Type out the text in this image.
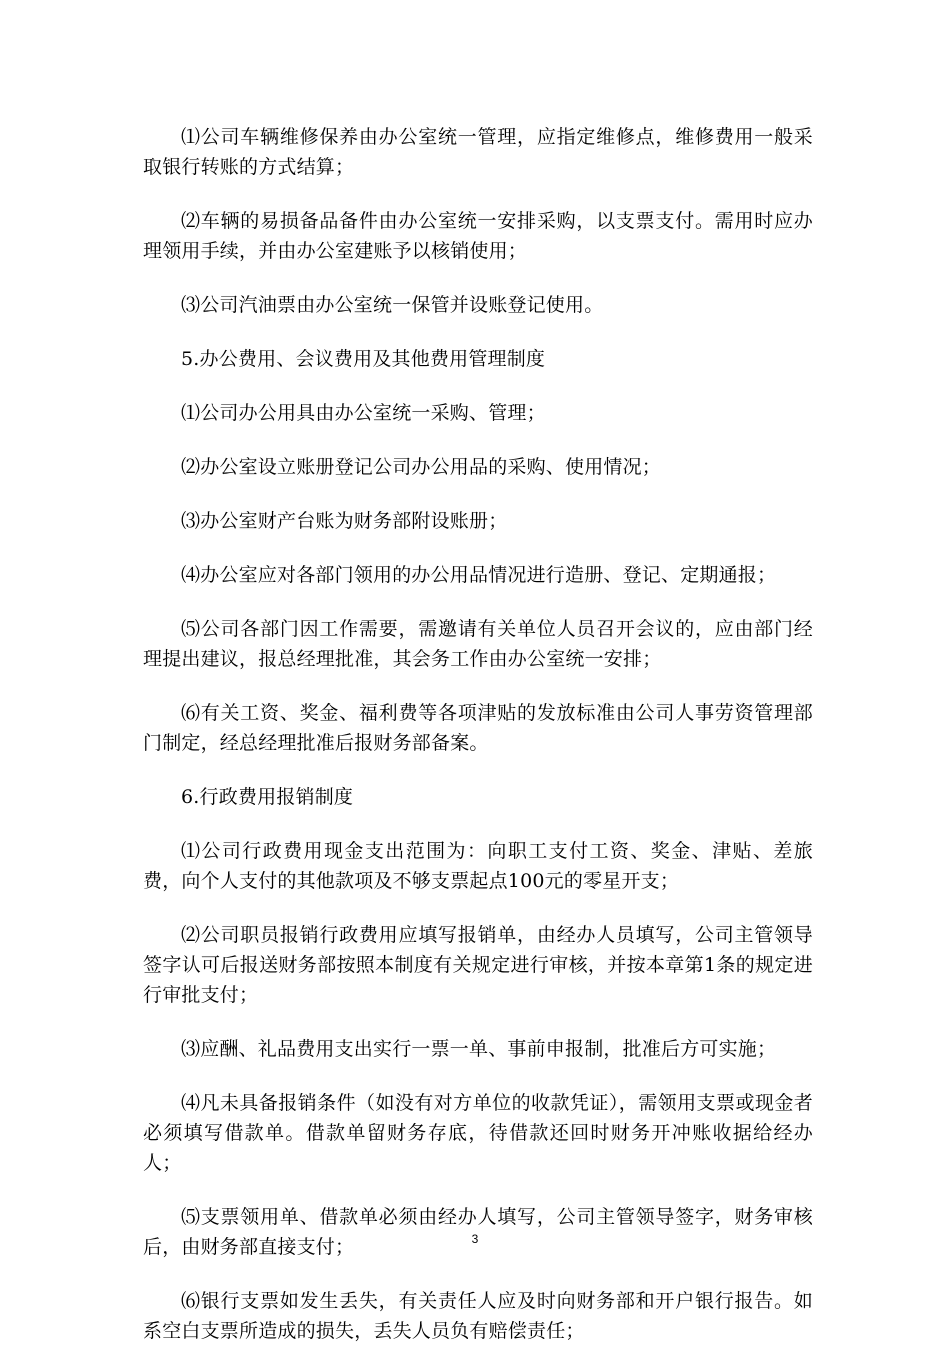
⑴公司车辆维修保养由办公室统一管理，应指定维修点，维修费用一般采取银行转账的方式结算；

⑵车辆的易损备品备件由办公室统一安排采购，以支票支付。需用时应办理领用手续，并由办公室建账予以核销使用；

⑶公司汽油票由办公室统一保管并设账登记使用。

5.办公费用、会议费用及其他费用管理制度

⑴公司办公用具由办公室统一采购、管理；

⑵办公室设立账册登记公司办公用品的采购、使用情况；

⑶办公室财产台账为财务部附设账册；

⑷办公室应对各部门领用的办公用品情况进行造册、登记、定期通报；

⑸公司各部门因工作需要，需邀请有关单位人员召开会议的，应由部门经理提出建议，报总经理批准，其会务工作由办公室统一安排；

⑹有关工资、奖金、福利费等各项津贴的发放标准由公司人事劳资管理部门制定，经总经理批准后报财务部备案。

6.行政费用报销制度

⑴公司行政费用现金支出范围为：向职工支付工资、奖金、津贴、差旅费，向个人支付的其他款项及不够支票起点100元的零星开支；

⑵公司职员报销行政费用应填写报销单，由经办人员填写，公司主管领导签字认可后报送财务部按照本制度有关规定进行审核，并按本章第1条的规定进行审批支付；

⑶应酬、礼品费用支出实行一票一单、事前申报制，批准后方可实施；

⑷凡未具备报销条件（如没有对方单位的收款凭证），需领用支票或现金者必须填写借款单。借款单留财务存底，待借款还回时财务开冲账收据给经办人；

⑸支票领用单、借款单必须由经办人填写，公司主管领导签字，财务审核后，由财务部直接支付；

⑹银行支票如发生丢失，有关责任人应及时向财务部和开户银行报告。如系空白支票所造成的损失，丢失人员负有赔偿责任；

3
